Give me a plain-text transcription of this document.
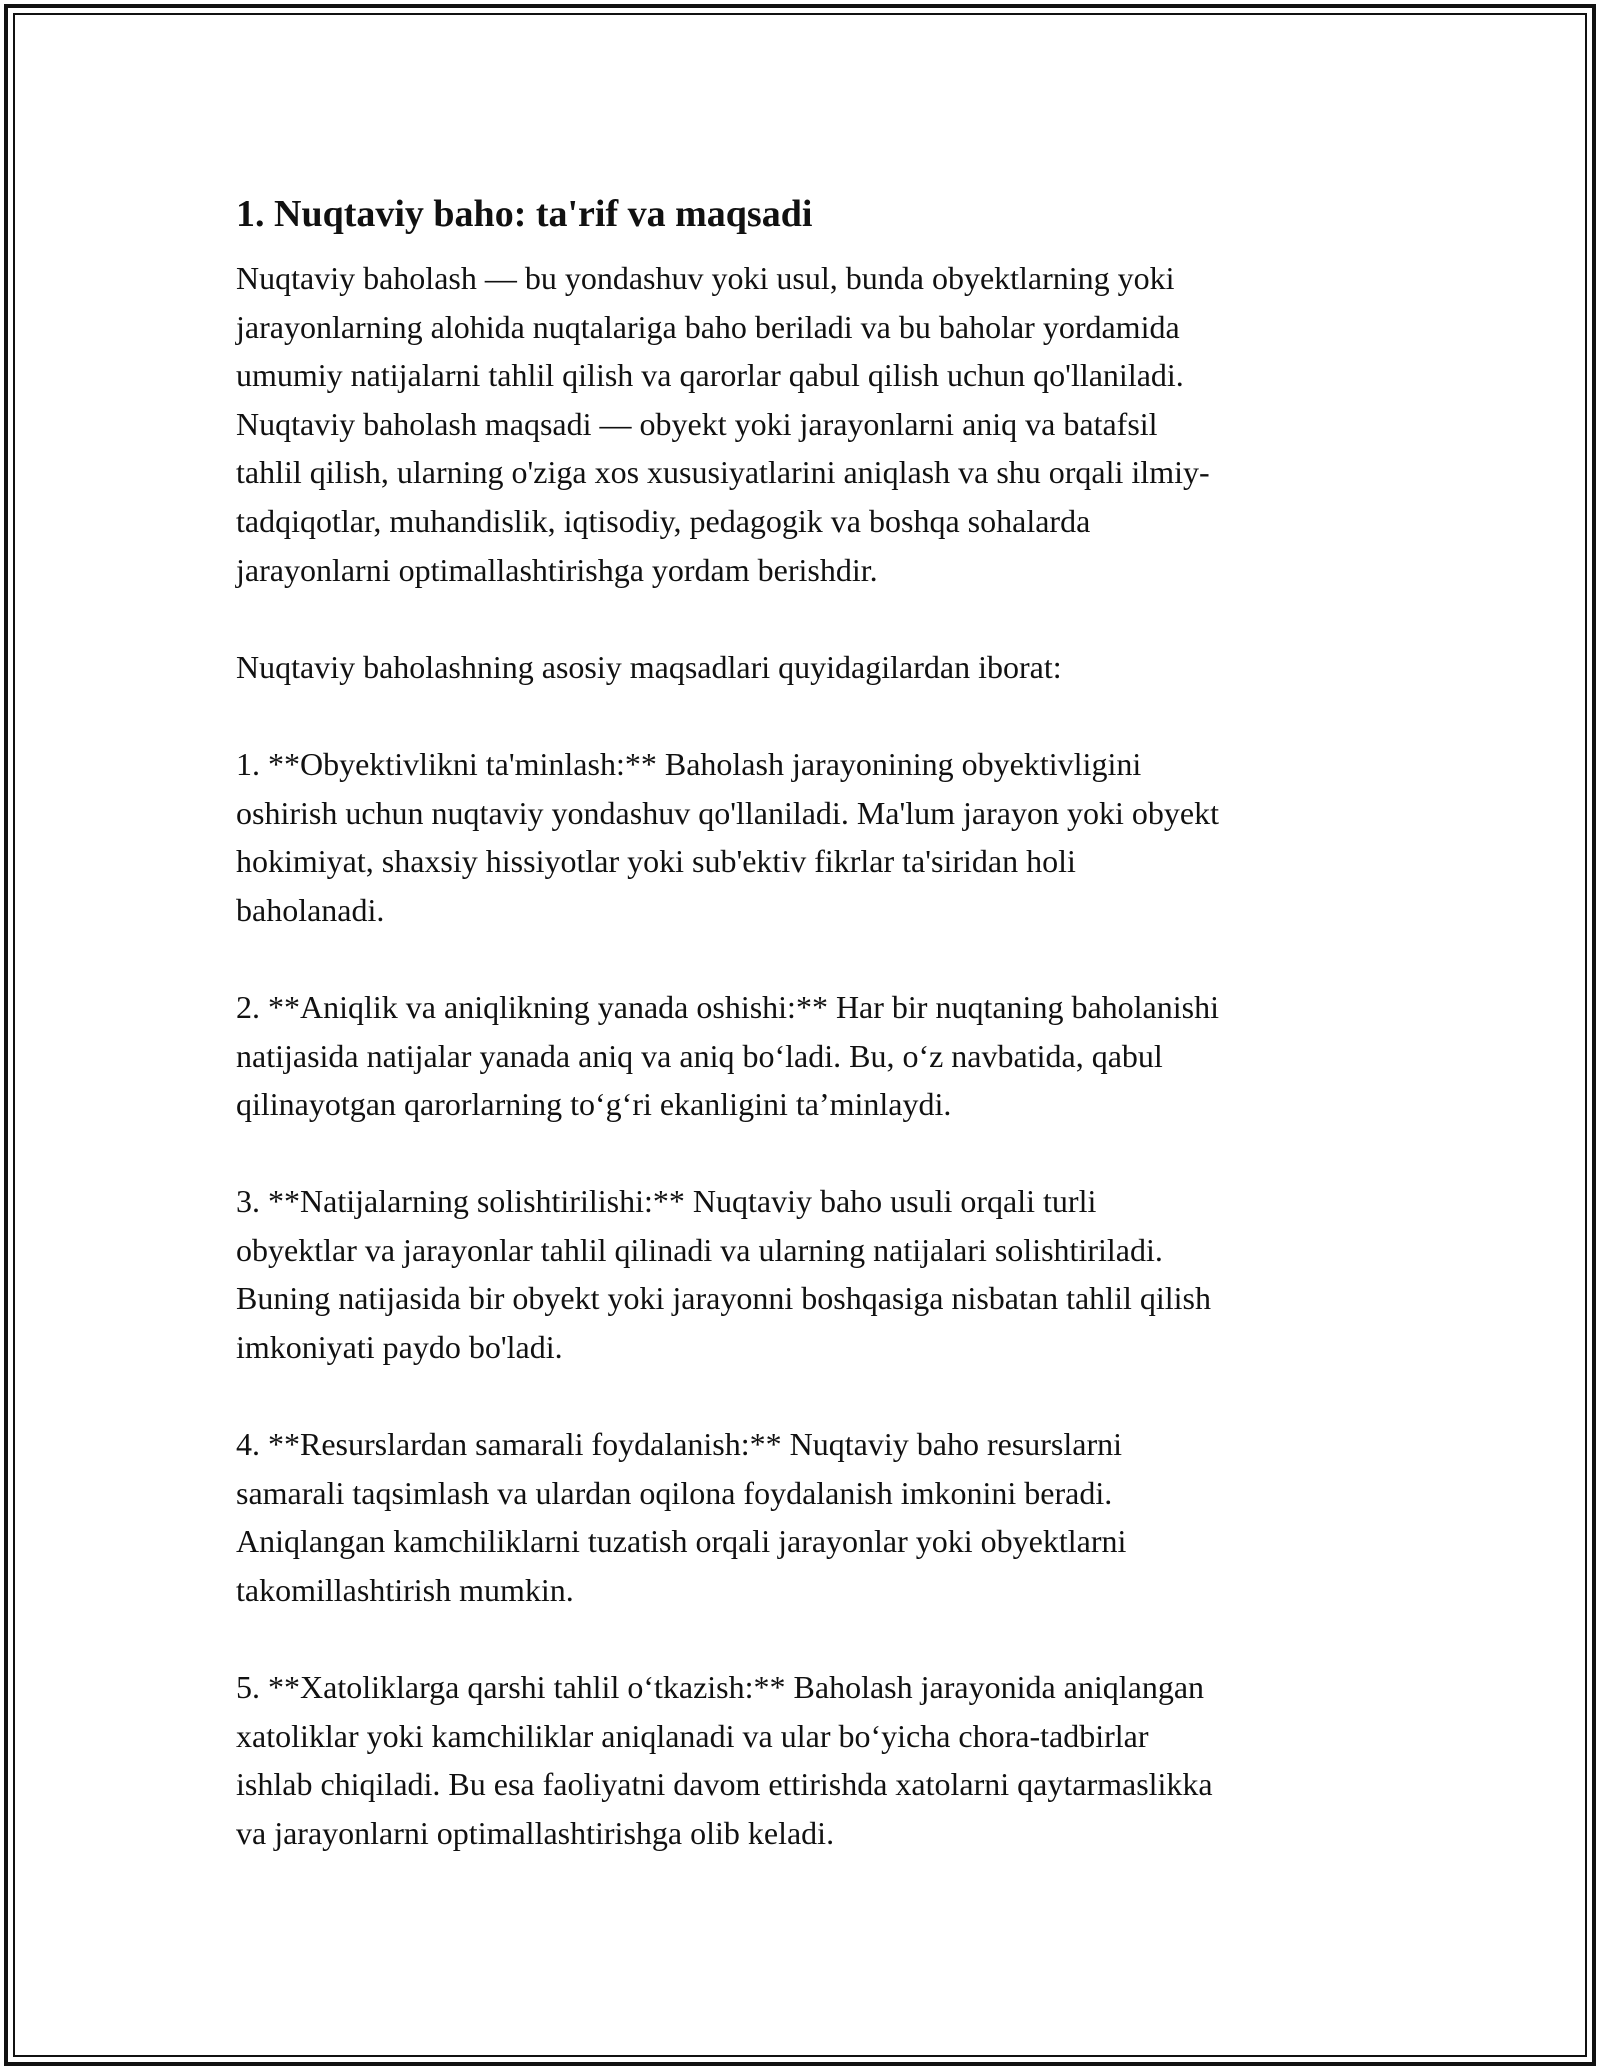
1. Nuqtaviy baho: ta'rif va maqsadi

Nuqtaviy baholash — bu yondashuv yoki usul, bunda obyektlarning yoki
jarayonlarning alohida nuqtalariga baho beriladi va bu baholar yordamida
umumiy natijalarni tahlil qilish va qarorlar qabul qilish uchun qo'llaniladi.
Nuqtaviy baholash maqsadi — obyekt yoki jarayonlarni aniq va batafsil
tahlil qilish, ularning o'ziga xos xususiyatlarini aniqlash va shu orqali ilmiy-
tadqiqotlar, muhandislik, iqtisodiy, pedagogik va boshqa sohalarda
jarayonlarni optimallashtirishga yordam berishdir.

Nuqtaviy baholashning asosiy maqsadlari quyidagilardan iborat:

1. **Obyektivlikni ta'minlash:** Baholash jarayonining obyektivligini
oshirish uchun nuqtaviy yondashuv qo'llaniladi. Ma'lum jarayon yoki obyekt
hokimiyat, shaxsiy hissiyotlar yoki sub'ektiv fikrlar ta'siridan holi
baholanadi.

2. **Aniqlik va aniqlikning yanada oshishi:** Har bir nuqtaning baholanishi
natijasida natijalar yanada aniq va aniq bo‘ladi. Bu, o‘z navbatida, qabul
qilinayotgan qarorlarning to‘g‘ri ekanligini ta’minlaydi.

3. **Natijalarning solishtirilishi:** Nuqtaviy baho usuli orqali turli
obyektlar va jarayonlar tahlil qilinadi va ularning natijalari solishtiriladi.
Buning natijasida bir obyekt yoki jarayonni boshqasiga nisbatan tahlil qilish
imkoniyati paydo bo'ladi.

4. **Resurslardan samarali foydalanish:** Nuqtaviy baho resurslarni
samarali taqsimlash va ulardan oqilona foydalanish imkonini beradi.
Aniqlangan kamchiliklarni tuzatish orqali jarayonlar yoki obyektlarni
takomillashtirish mumkin.

5. **Xatoliklarga qarshi tahlil o‘tkazish:** Baholash jarayonida aniqlangan
xatoliklar yoki kamchiliklar aniqlanadi va ular bo‘yicha chora-tadbirlar
ishlab chiqiladi. Bu esa faoliyatni davom ettirishda xatolarni qaytarmaslikka
va jarayonlarni optimallashtirishga olib keladi.
